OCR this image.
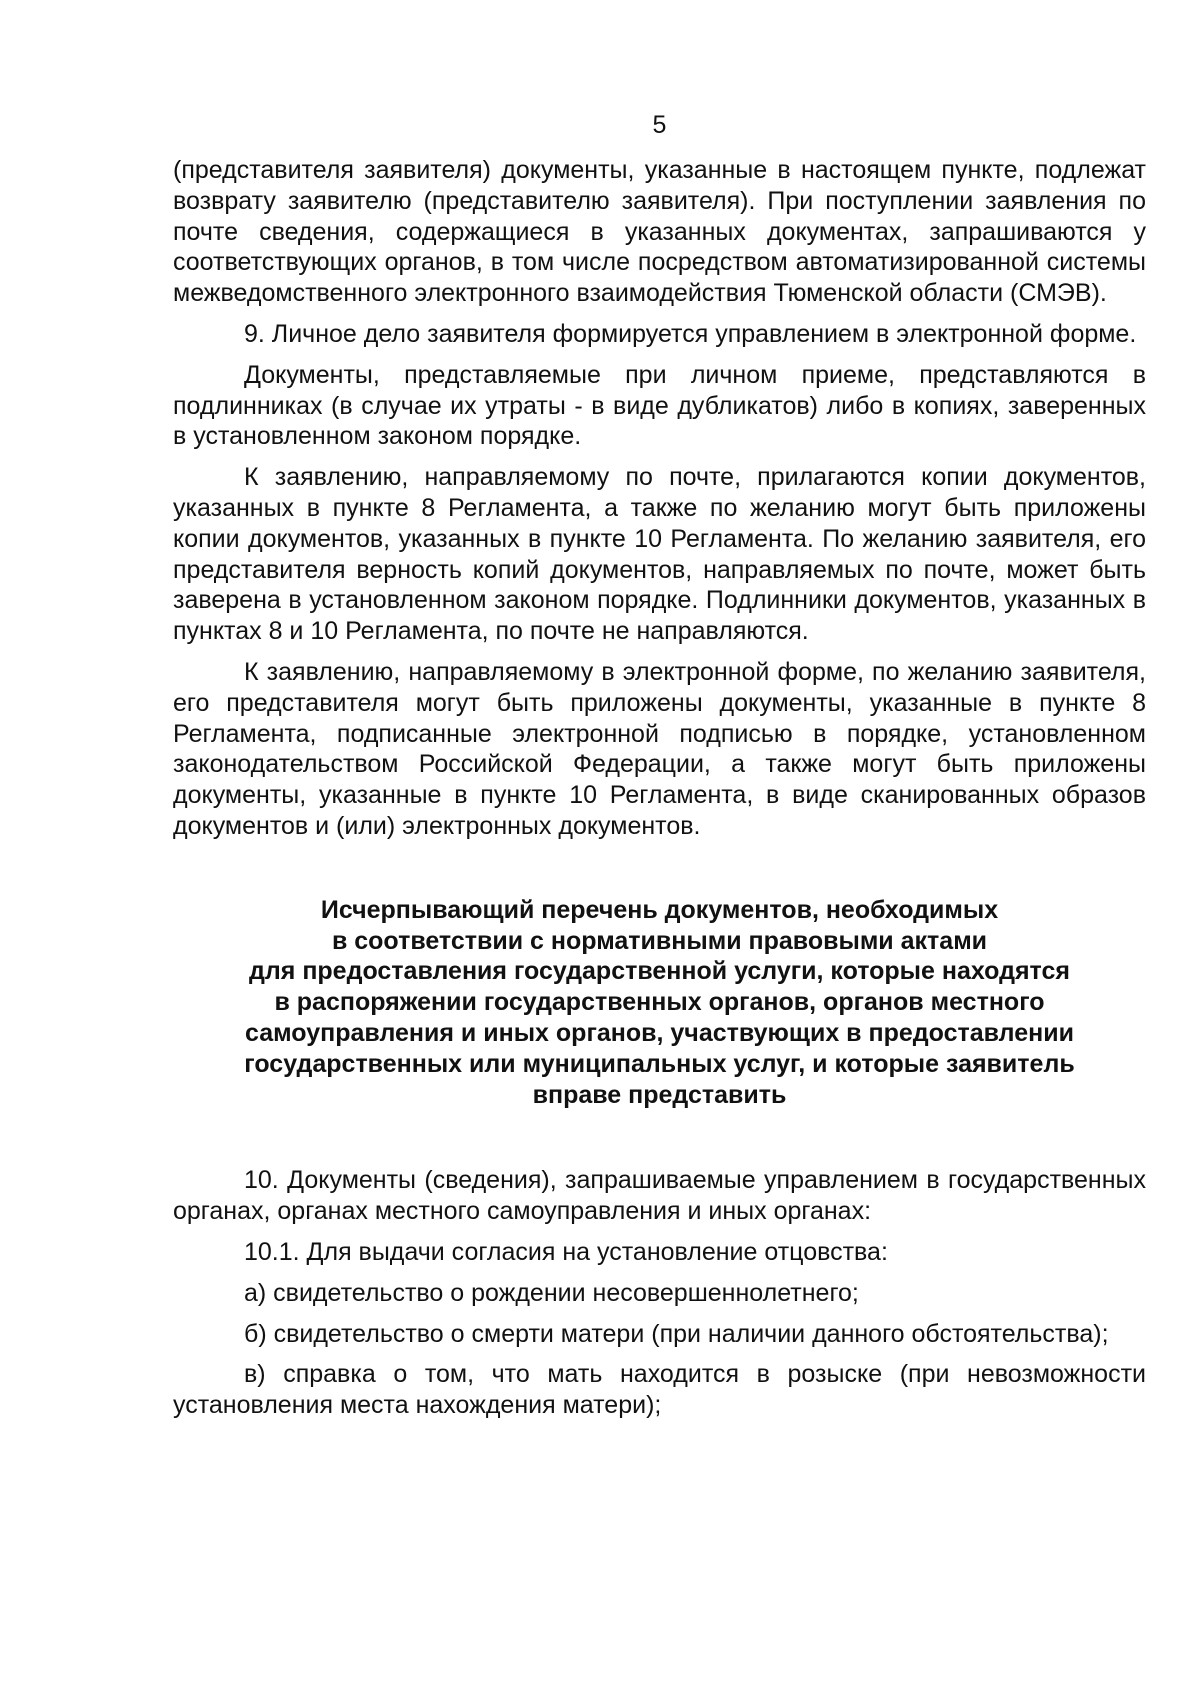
5

(представителя заявителя) документы, указанные в настоящем пункте, подлежат возврату заявителю (представителю заявителя). При поступлении заявления по почте сведения, содержащиеся в указанных документах, запрашиваются у соответствующих органов, в том числе посредством автоматизированной системы межведомственного электронного взаимодействия Тюменской области (СМЭВ).

9. Личное дело заявителя формируется управлением в электронной форме.

Документы, представляемые при личном приеме, представляются в подлинниках (в случае их утраты - в виде дубликатов) либо в копиях, заверенных в установленном законом порядке.

К заявлению, направляемому по почте, прилагаются копии документов, указанных в пункте 8 Регламента, а также по желанию могут быть приложены копии документов, указанных в пункте 10 Регламента. По желанию заявителя, его представителя верность копий документов, направляемых по почте, может быть заверена в установленном законом порядке. Подлинники документов, указанных в пунктах 8 и 10 Регламента, по почте не направляются.

К заявлению, направляемому в электронной форме, по желанию заявителя, его представителя могут быть приложены документы, указанные в пункте 8 Регламента, подписанные электронной подписью в порядке, установленном законодательством Российской Федерации, а также могут быть приложены документы, указанные в пункте 10 Регламента, в виде сканированных образов документов и (или) электронных документов.

Исчерпывающий перечень документов, необходимых
в соответствии с нормативными правовыми актами
для предоставления государственной услуги, которые находятся
в распоряжении государственных органов, органов местного
самоуправления и иных органов, участвующих в предоставлении
государственных или муниципальных услуг, и которые заявитель
вправе представить

10. Документы (сведения), запрашиваемые управлением в государственных органах, органах местного самоуправления и иных органах:

10.1. Для выдачи согласия на установление отцовства:

а) свидетельство о рождении несовершеннолетнего;

б) свидетельство о смерти матери (при наличии данного обстоятельства);

в) справка о том, что мать находится в розыске (при невозможности установления места нахождения матери);
